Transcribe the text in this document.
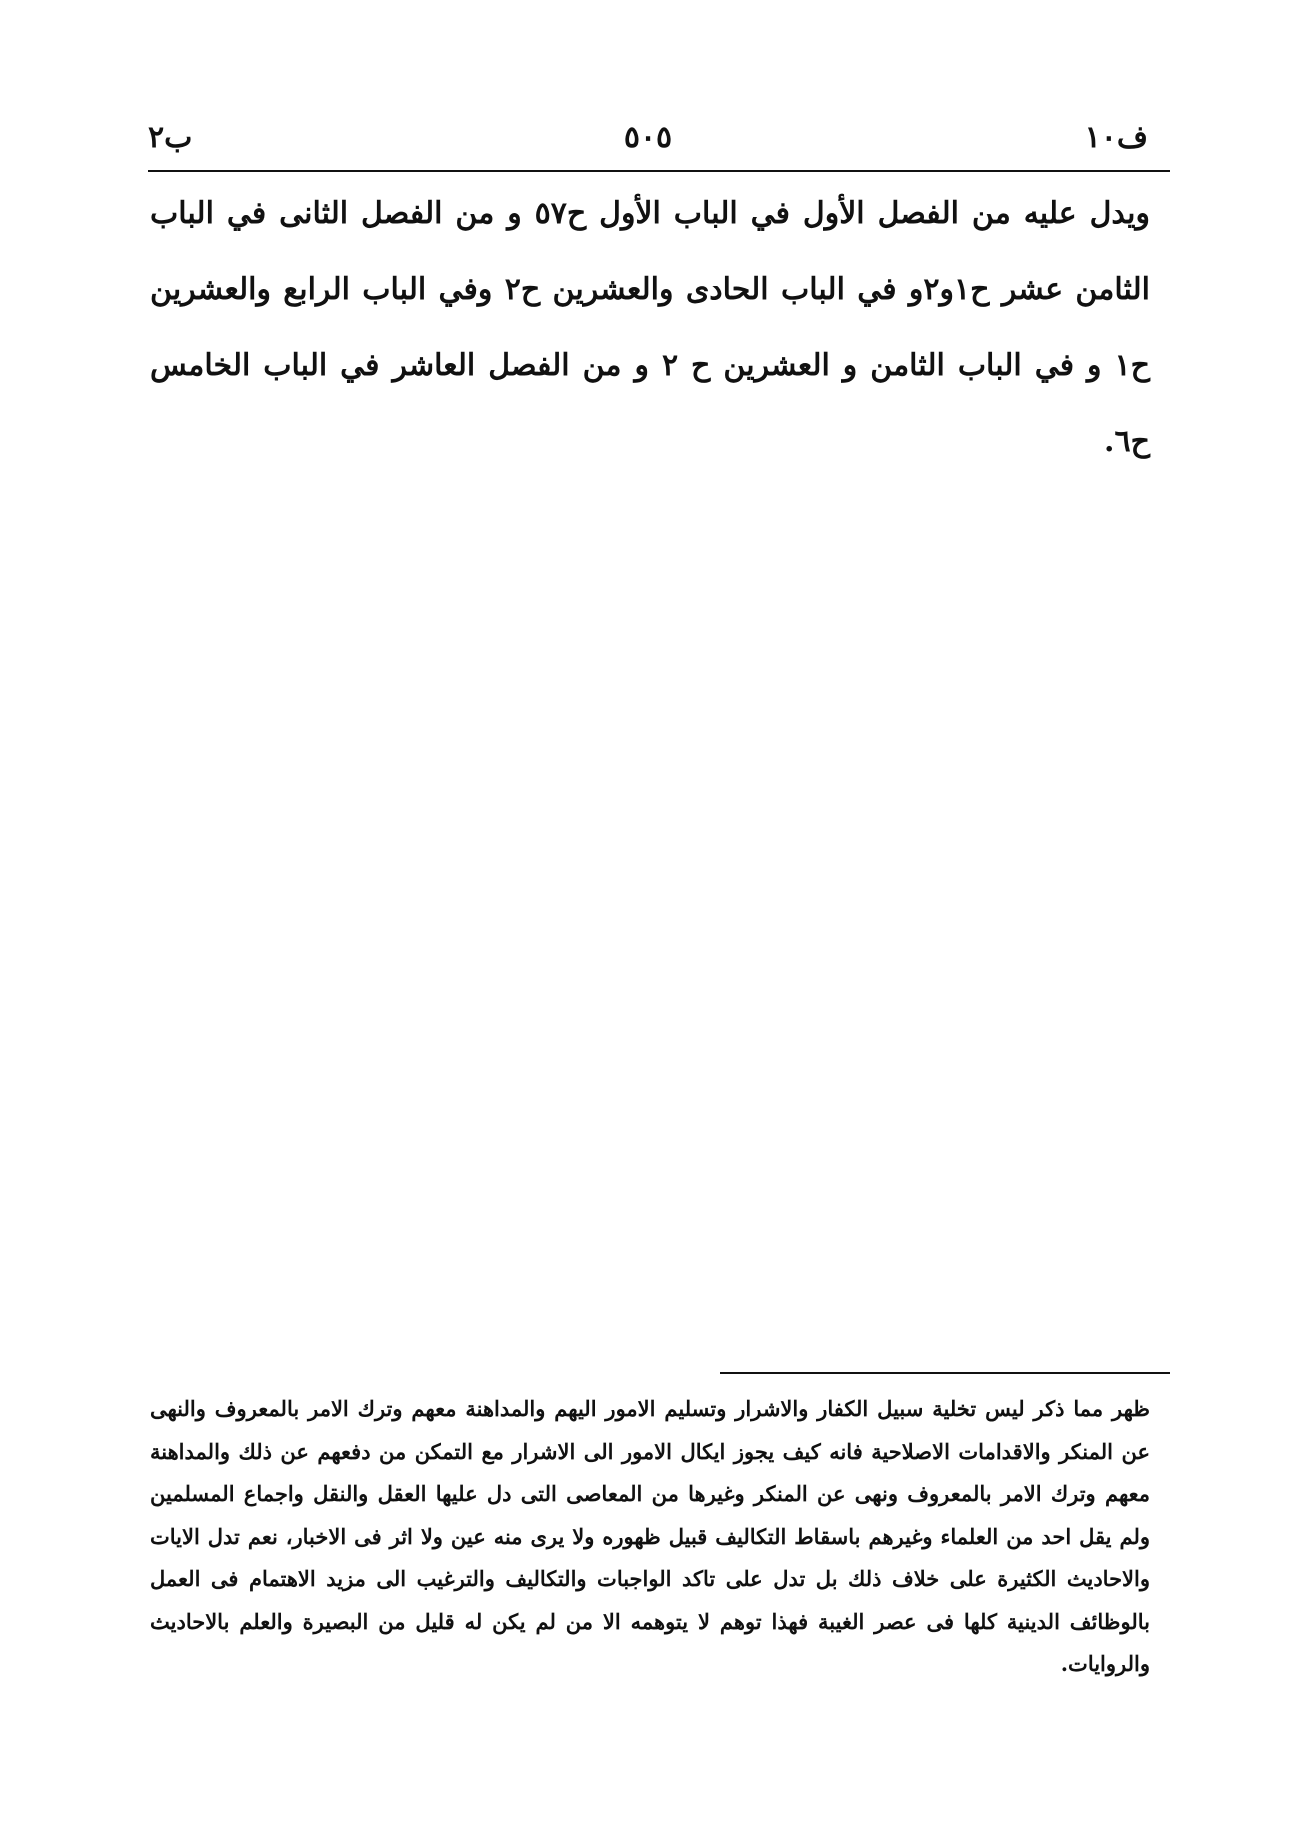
ب٢	٥٠٥	ف١٠

ويدل عليه من الفصل الأول في الباب الأول ح٥٧ و من الفصل الثانى في الباب الثامن عشر ح١و٢و في الباب الحادى والعشرين ح٢ وفي الباب الرابع والعشرين ح١ و في الباب الثامن و العشرين ح ٢ و من الفصل العاشر في الباب الخامس ح٦.

ظهر مما ذكر ليس تخلية سبيل الكفار والاشرار وتسليم الامور اليهم والمداهنة معهم وترك الامر بالمعروف والنهى عن المنكر والاقدامات الاصلاحية فانه كيف يجوز ايكال الامور الى الاشرار مع التمكن من دفعهم عن ذلك والمداهنة معهم وترك الامر بالمعروف ونهى عن المنكر وغيرها من المعاصى التى دل عليها العقل والنقل واجماع المسلمين ولم يقل احد من العلماء وغيرهم باسقاط التكاليف قبيل ظهوره ولا يرى منه عين ولا اثر فى الاخبار، نعم تدل الايات والاحاديث الكثيرة على خلاف ذلك بل تدل على تاكد الواجبات والتكاليف والترغيب الى مزيد الاهتمام فى العمل بالوظائف الدينية كلها فى عصر الغيبة فهذا توهم لا يتوهمه الا من لم يكن له قليل من البصيرة والعلم بالاحاديث والروايات.
